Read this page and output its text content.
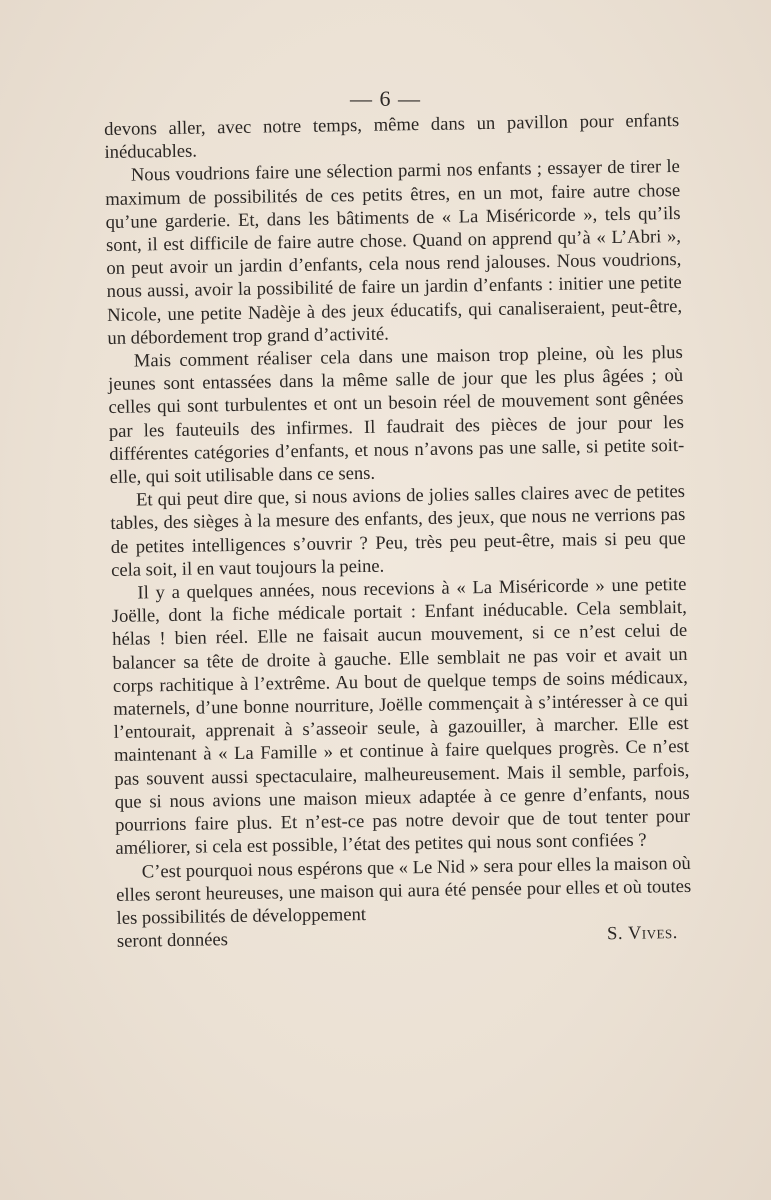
— 6 —

devons aller, avec notre temps, même dans un pavillon pour enfants inéducables.

Nous voudrions faire une sélection parmi nos enfants ; essayer de tirer le maximum de possibilités de ces petits êtres, en un mot, faire autre chose qu’une garderie. Et, dans les bâtiments de « La Miséricorde », tels qu’ils sont, il est difficile de faire autre chose. Quand on apprend qu’à « L’Abri », on peut avoir un jardin d’enfants, cela nous rend jalouses. Nous voudrions, nous aussi, avoir la possibilité de faire un jardin d’enfants : initier une petite Nicole, une petite Nadèje à des jeux éducatifs, qui canaliseraient, peut-être, un débordement trop grand d’activité.

Mais comment réaliser cela dans une maison trop pleine, où les plus jeunes sont entassées dans la même salle de jour que les plus âgées ; où celles qui sont turbulentes et ont un besoin réel de mouvement sont gênées par les fauteuils des infirmes. Il faudrait des pièces de jour pour les différentes catégories d’enfants, et nous n’avons pas une salle, si petite soit-elle, qui soit utilisable dans ce sens.

Et qui peut dire que, si nous avions de jolies salles claires avec de petites tables, des sièges à la mesure des enfants, des jeux, que nous ne verrions pas de petites intelligences s’ouvrir ? Peu, très peu peut-être, mais si peu que cela soit, il en vaut toujours la peine.

Il y a quelques années, nous recevions à « La Miséricorde » une petite Joëlle, dont la fiche médicale portait : Enfant inéducable. Cela semblait, hélas ! bien réel. Elle ne faisait aucun mouvement, si ce n’est celui de balancer sa tête de droite à gauche. Elle semblait ne pas voir et avait un corps rachitique à l’extrême. Au bout de quelque temps de soins médicaux, maternels, d’une bonne nourriture, Joëlle commençait à s’intéresser à ce qui l’entourait, apprenait à s’asseoir seule, à gazouiller, à marcher. Elle est maintenant à « La Famille » et continue à faire quelques progrès. Ce n’est pas souvent aussi spectaculaire, malheureusement. Mais il semble, parfois, que si nous avions une maison mieux adaptée à ce genre d’enfants, nous pourrions faire plus. Et n’est-ce pas notre devoir que de tout tenter pour améliorer, si cela est possible, l’état des petites qui nous sont confiées ?

C’est pourquoi nous espérons que « Le Nid » sera pour elles la maison où elles seront heureuses, une maison qui aura été pensée pour elles et où toutes les possibilités de développement

seront données	S. Vives.
